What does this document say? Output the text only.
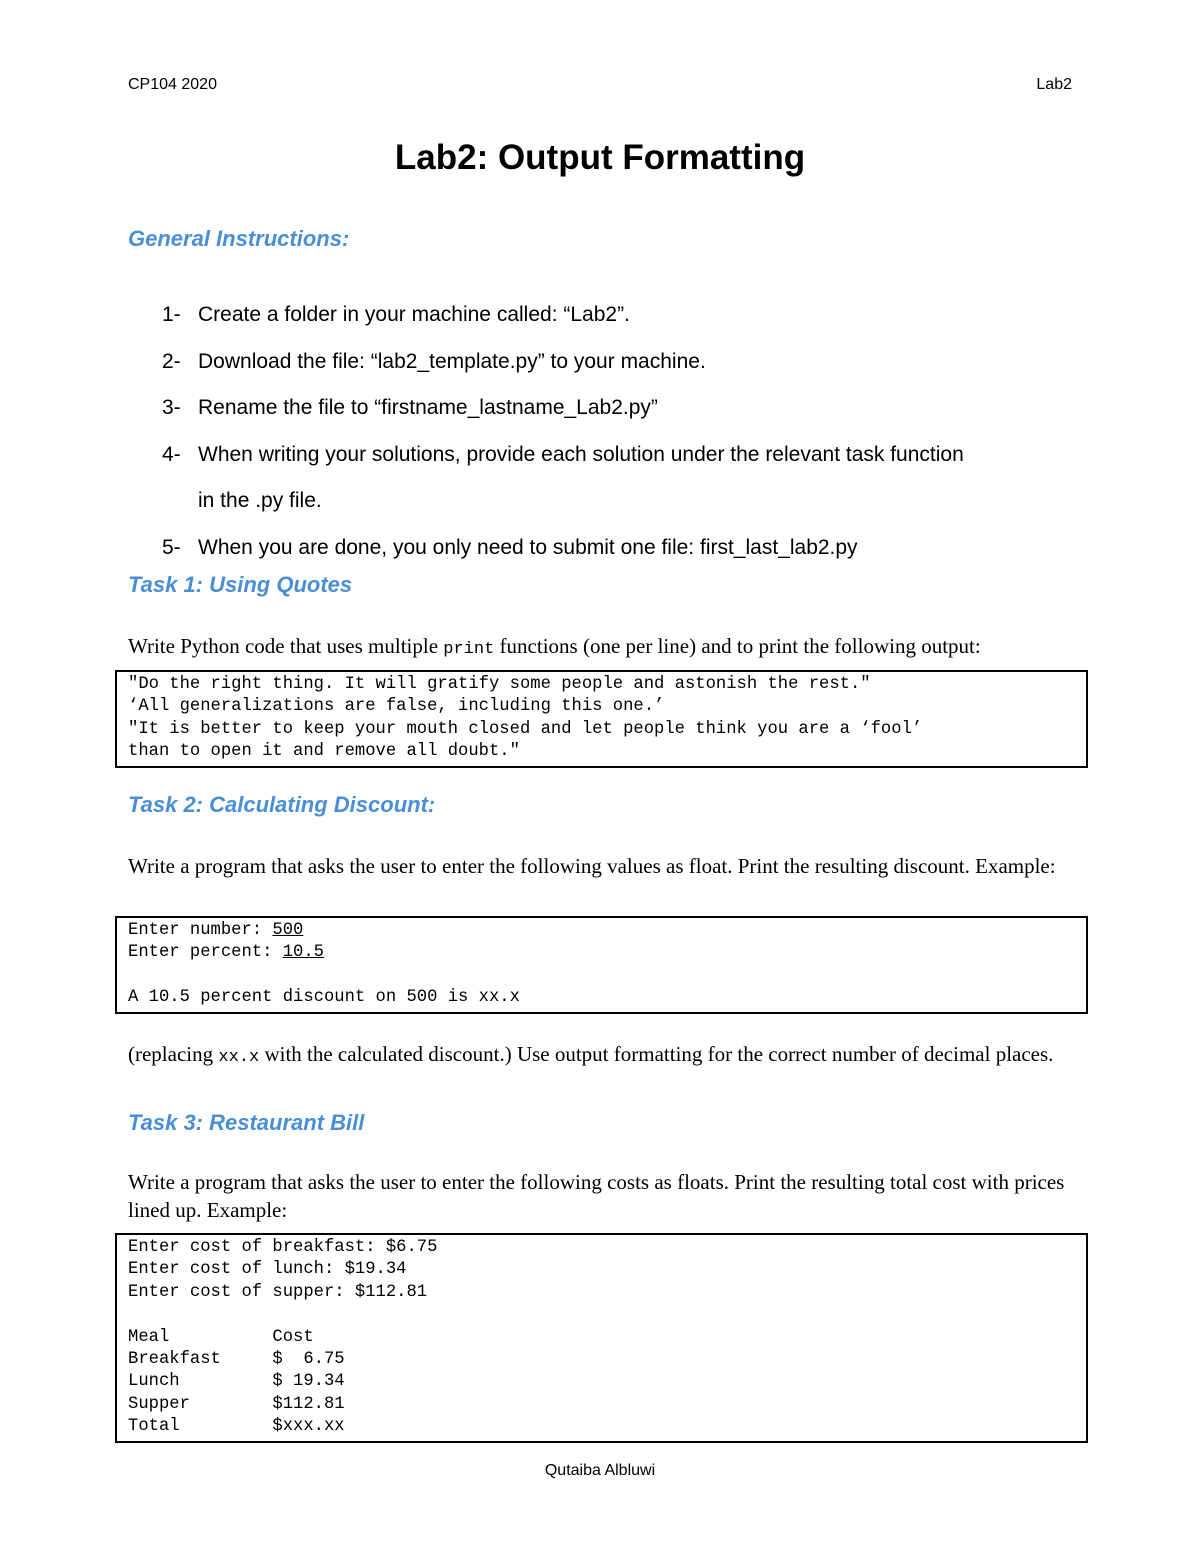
CP104 2020	Lab2
Lab2: Output Formatting
General Instructions:
1- Create a folder in your machine called: “Lab2”.
2- Download the file: “lab2_template.py” to your machine.
3- Rename the file to “firstname_lastname_Lab2.py”
4- When writing your solutions, provide each solution under the relevant task function
in the .py file.
5- When you are done, you only need to submit one file: first_last_lab2.py
Task 1: Using Quotes
Write Python code that uses multiple print functions (one per line) and to print the following output:
"Do the right thing. It will gratify some people and astonish the rest."
‘All generalizations are false, including this one.’
"It is better to keep your mouth closed and let people think you are a ‘fool’
than to open it and remove all doubt."
Task 2: Calculating Discount:
Write a program that asks the user to enter the following values as float. Print the resulting discount. Example:
Enter number: 500
Enter percent: 10.5
A 10.5 percent discount on 500 is xx.x
(replacing xx.x with the calculated discount.) Use output formatting for the correct number of decimal places.
Task 3: Restaurant Bill
Write a program that asks the user to enter the following costs as floats. Print the resulting total cost with prices lined up. Example:
Enter cost of breakfast: $6.75
Enter cost of lunch: $19.34
Enter cost of supper: $112.81
Meal          Cost
Breakfast     $  6.75
Lunch         $ 19.34
Supper        $112.81
Total         $xxx.xx
Qutaiba Albluwi
